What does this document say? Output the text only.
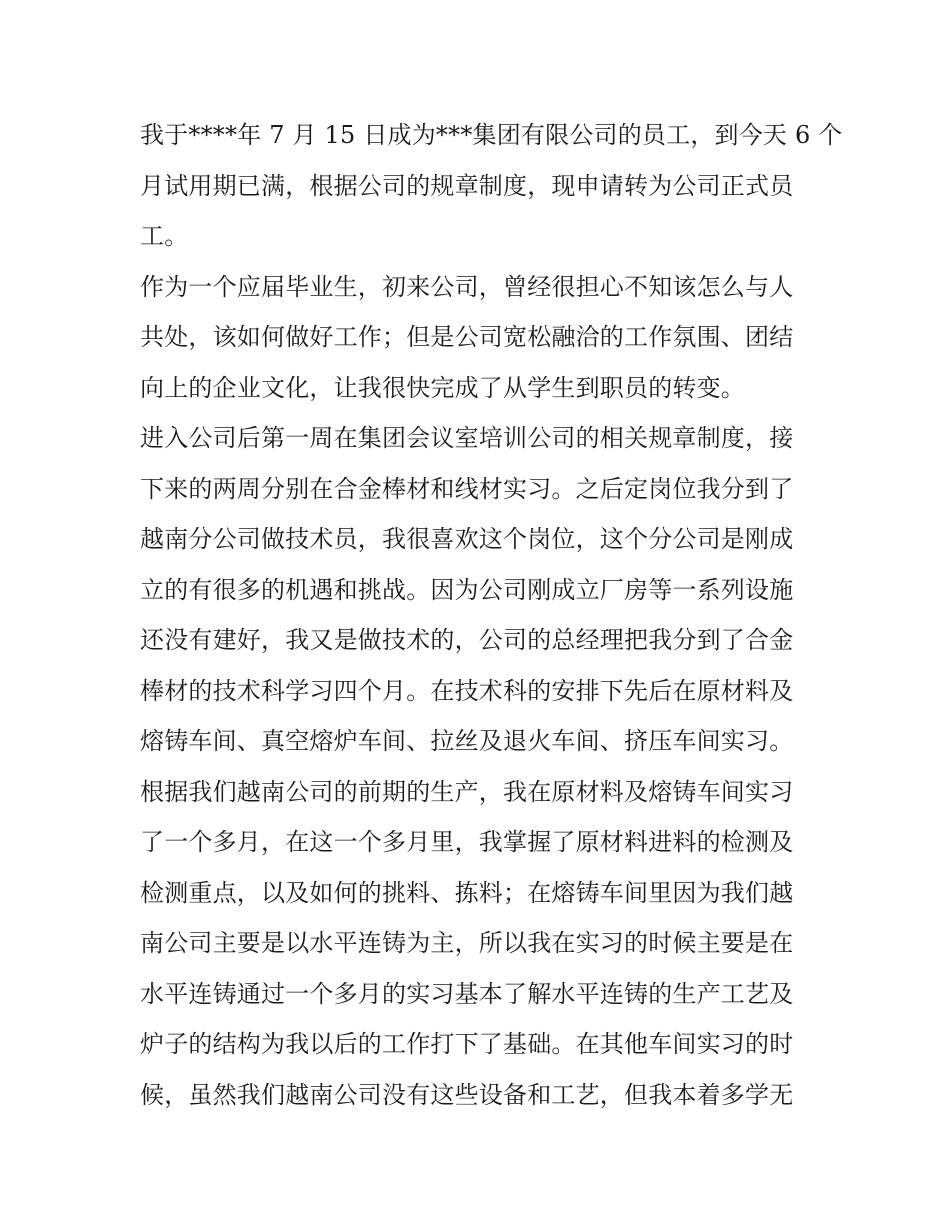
我于****年 7 月 15 日成为***集团有限公司的员工，到今天 6 个
月试用期已满，根据公司的规章制度，现申请转为公司正式员
工。
作为一个应届毕业生，初来公司，曾经很担心不知该怎么与人
共处，该如何做好工作；但是公司宽松融洽的工作氛围、团结
向上的企业文化，让我很快完成了从学生到职员的转变。
进入公司后第一周在集团会议室培训公司的相关规章制度，接
下来的两周分别在合金棒材和线材实习。之后定岗位我分到了
越南分公司做技术员，我很喜欢这个岗位，这个分公司是刚成
立的有很多的机遇和挑战。因为公司刚成立厂房等一系列设施
还没有建好，我又是做技术的，公司的总经理把我分到了合金
棒材的技术科学习四个月。在技术科的安排下先后在原材料及
熔铸车间、真空熔炉车间、拉丝及退火车间、挤压车间实习。
根据我们越南公司的前期的生产，我在原材料及熔铸车间实习
了一个多月，在这一个多月里，我掌握了原材料进料的检测及
检测重点，以及如何的挑料、拣料；在熔铸车间里因为我们越
南公司主要是以水平连铸为主，所以我在实习的时候主要是在
水平连铸通过一个多月的实习基本了解水平连铸的生产工艺及
炉子的结构为我以后的工作打下了基础。在其他车间实习的时
候，虽然我们越南公司没有这些设备和工艺，但我本着多学无
